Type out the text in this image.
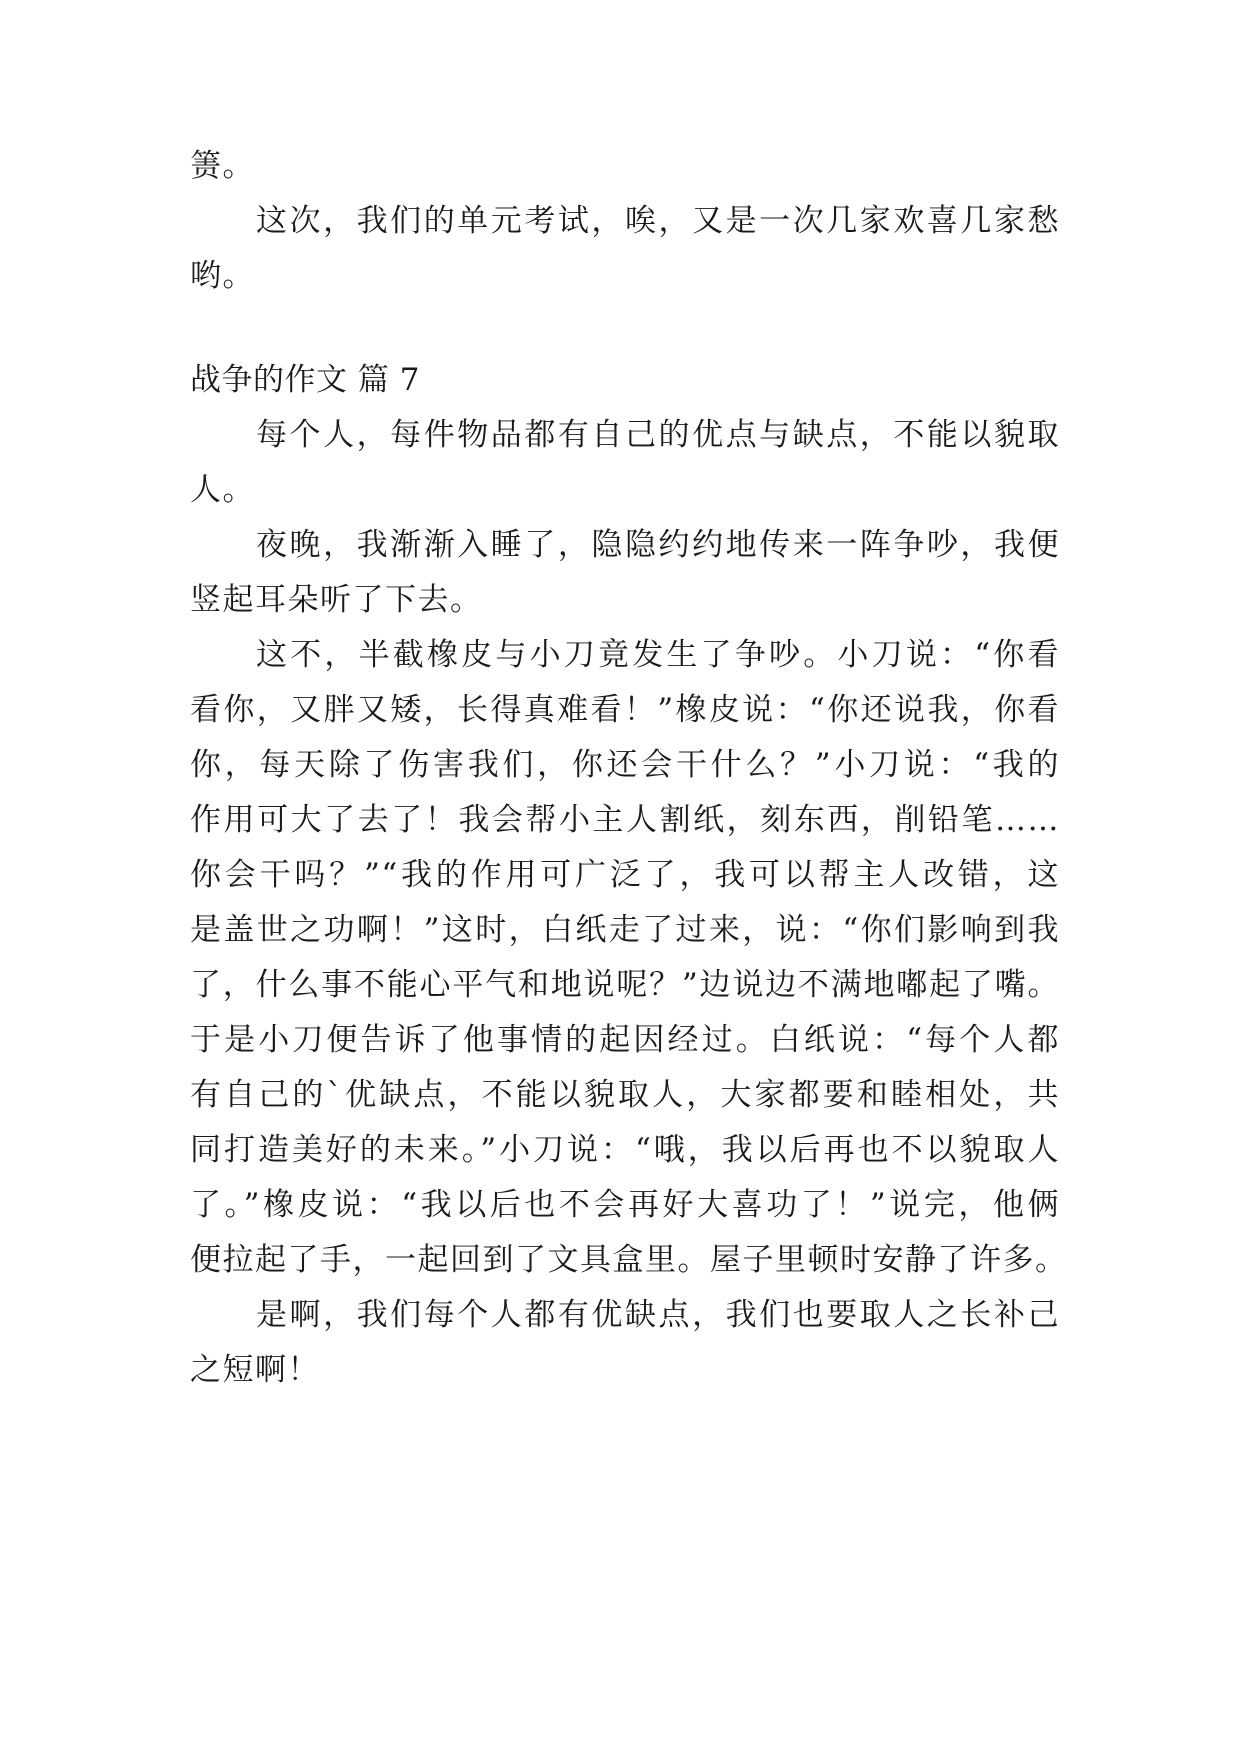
箦。
这次，我们的单元考试，唉，又是一次几家欢喜几家愁
哟。
战争的作文 篇 7
每个人，每件物品都有自己的优点与缺点，不能以貌取
人。
夜晚，我渐渐入睡了，隐隐约约地传来一阵争吵，我便
竖起耳朵听了下去。
这不，半截橡皮与小刀竟发生了争吵。小刀说：“你看
看你，又胖又矮，长得真难看！”橡皮说：“你还说我，你看
你，每天除了伤害我们，你还会干什么？”小刀说：“我的
作用可大了去了！我会帮小主人割纸，刻东西，削铅笔……
你会干吗？”“我的作用可广泛了，我可以帮主人改错，这
是盖世之功啊！”这时，白纸走了过来，说：“你们影响到我
了，什么事不能心平气和地说呢？”边说边不满地嘟起了嘴。
于是小刀便告诉了他事情的起因经过。白纸说：“每个人都
有自己的`优缺点，不能以貌取人，大家都要和睦相处，共
同打造美好的未来。”小刀说：“哦，我以后再也不以貌取人
了。”橡皮说：“我以后也不会再好大喜功了！”说完，他俩
便拉起了手，一起回到了文具盒里。屋子里顿时安静了许多。
是啊，我们每个人都有优缺点，我们也要取人之长补己
之短啊！
